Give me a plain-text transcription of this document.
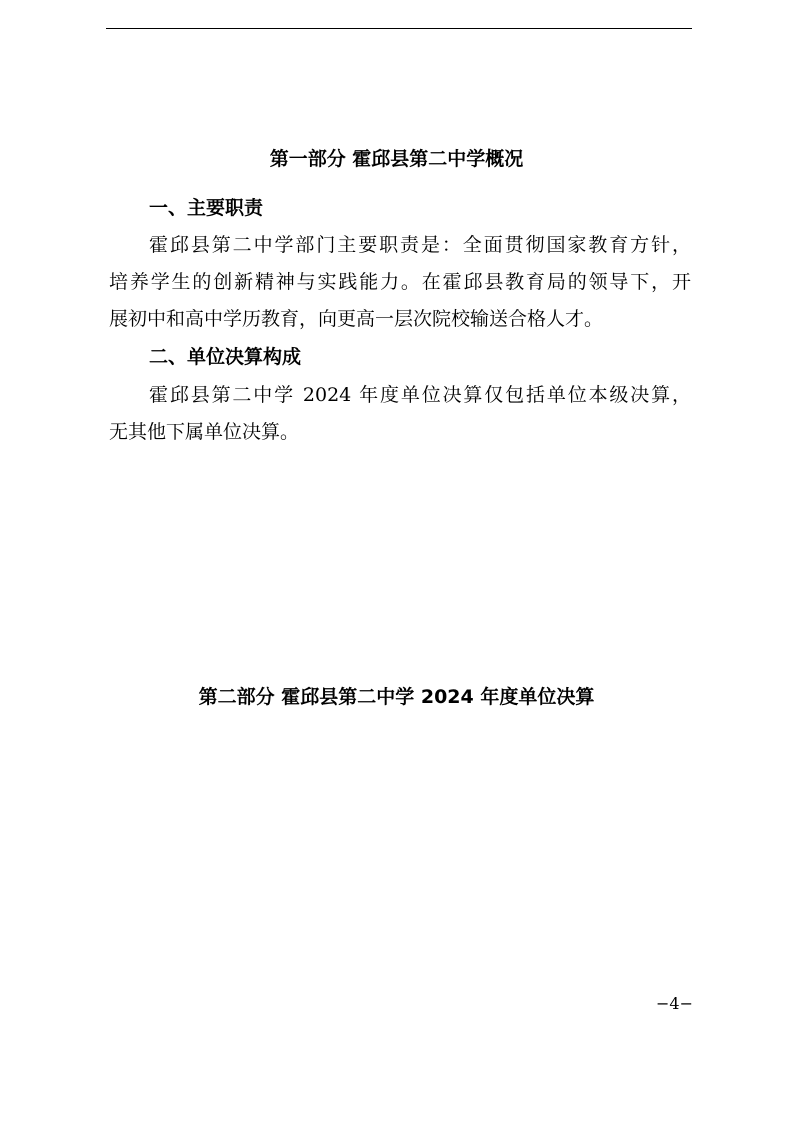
第一部分 霍邱县第二中学概况
一、主要职责
霍邱县第二中学部门主要职责是：全面贯彻国家教育方针，
培养学生的创新精神与实践能力。在霍邱县教育局的领导下，开
展初中和高中学历教育，向更高一层次院校输送合格人才。
二、单位决算构成
霍邱县第二中学 2024 年度单位决算仅包括单位本级决算，
无其他下属单位决算。
第二部分 霍邱县第二中学 2024 年度单位决算
−4−
